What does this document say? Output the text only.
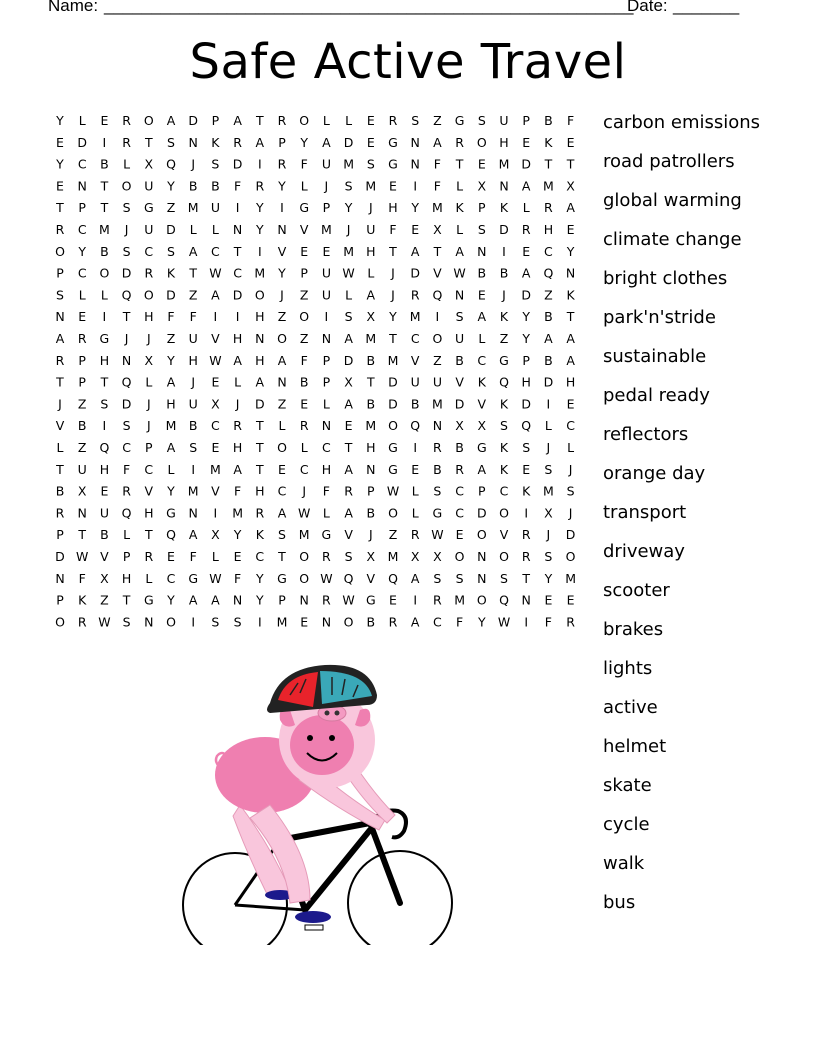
Name: ________________________________________________________
Date: _______
Safe Active Travel
Y L E R O A D P A T R O L L E R S Z G S U P B F
E D I R T S N K R A P Y A D E G N A R O H E K E
Y C B L X Q J S D I R F U M S G N F T E M D T T
E N T O U Y B B F R Y L J S M E I F L X N A M X
T P T S G Z M U I Y I G P Y J H Y M K P K L R A
R C M J U D L L N Y N V M J U F E X L S D R H E
O Y B S C S A C T I V E E M H T A T A N I E C Y
P C O D R K T W C M Y P U W L J D V W B B A Q N
S L L Q O D Z A D O J Z U L A J R Q N E J D Z K
N E I T H F F I I H Z O I S X Y M I S A K Y B T
A R G J J Z U V H N O Z N A M T C O U L Z Y A A
R P H N X Y H W A H A F P D B M V Z B C G P B A
T P T Q L A J E L A N B P X T D U U V K Q H D H
J Z S D J H U X J D Z E L A B D B M D V K D I E
V B I S J M B C R T L R N E M O Q N X X S Q L C
L Z Q C P A S E H T O L C T H G I R B G K S J L
T U H F C L I M A T E C H A N G E B R A K E S J
B X E R V Y M V F H C J F R P W L S C P C K M S
R N U Q H G N I M R A W L A B O L G C D O I X J
P T B L T Q A X Y K S M G V J Z R W E O V R J D
D W V P R E F L E C T O R S X M X X O N O R S O
N F X H L C G W F Y G O W Q V Q A S S N S T Y M
P K Z T G Y A A N Y P N R W G E I R M O Q N E E
O R W S N O I S S I M E N O B R A C F Y W I F R
carbon emissions
road patrollers
global warming
climate change
bright clothes
park'n'stride
sustainable
pedal ready
reflectors
orange day
transport
driveway
scooter
brakes
lights
active
helmet
skate
cycle
walk
bus
